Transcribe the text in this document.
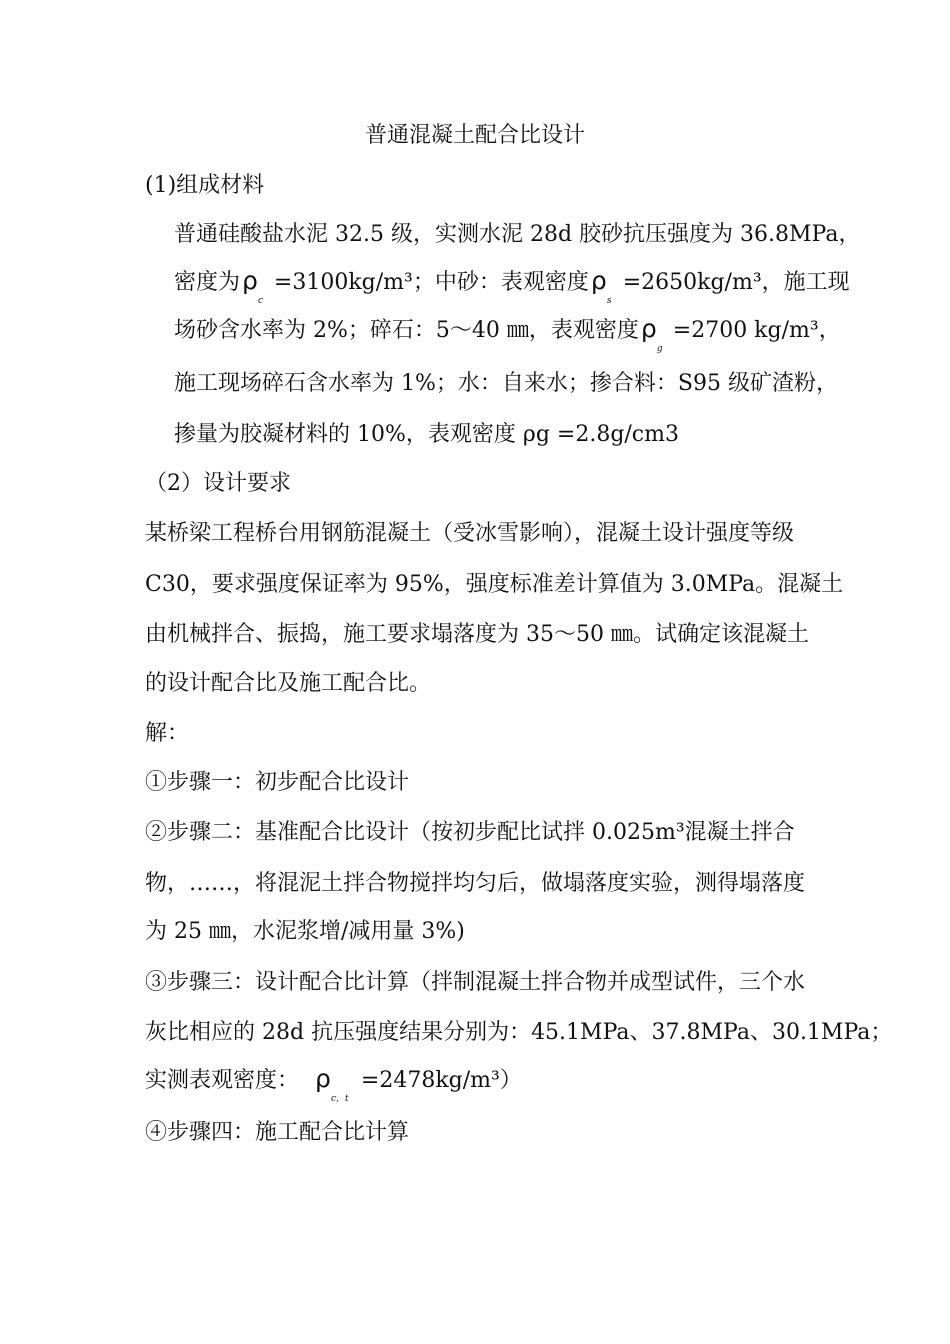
普通混凝土配合比设计
(1)组成材料
普通硅酸盐水泥 32.5 级，实测水泥 28d 胶砂抗压强度为 36.8MPa，
密度为ρ
c
=3100kg/m³；中砂：表观密度ρ
s
=2650kg/m³，施工现
场砂含水率为 2%；碎石：5～40 ㎜，表观密度ρ
g
=2700 kg/m³，
施工现场碎石含水率为 1%；水：自来水；掺合料：S95 级矿渣粉，
掺量为胶凝材料的 10%，表观密度 ρg =2.8g/cm3
（2）设计要求
某桥梁工程桥台用钢筋混凝土（受冰雪影响），混凝土设计强度等级
C30，要求强度保证率为 95%，强度标准差计算值为 3.0MPa。混凝土
由机械拌合、振捣，施工要求塌落度为 35～50 ㎜。试确定该混凝土
的设计配合比及施工配合比。
解：
①步骤一：初步配合比设计
②步骤二：基准配合比设计（按初步配比试拌 0.025m³混凝土拌合
物，……，将混泥土拌合物搅拌均匀后，做塌落度实验，测得塌落度
为 25 ㎜，水泥浆增/减用量 3%)
③步骤三：设计配合比计算（拌制混凝土拌合物并成型试件，三个水
灰比相应的 28d 抗压强度结果分别为：45.1MPa、37.8MPa、30.1MPa；
实测表观密度： ρ
c，t
=2478kg/m³）
④步骤四：施工配合比计算
